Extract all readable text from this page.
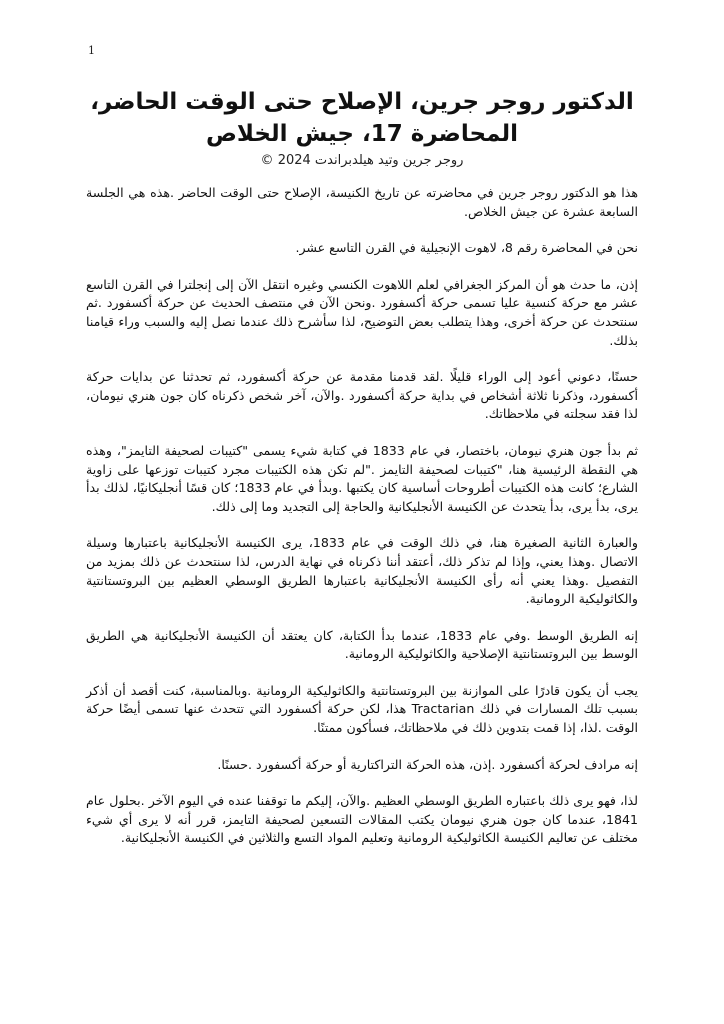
1
الدكتور روجر جرين، الإصلاح حتى الوقت الحاضر، المحاضرة 17، جيش الخلاص
روجر جرين وتيد هيلدبراندت 2024 ©

هذا هو الدكتور روجر جرين في محاضرته عن تاريخ الكنيسة، الإصلاح حتى الوقت الحاضر .هذه هي الجلسة السابعة عشرة عن جيش الخلاص.

نحن في المحاضرة رقم 8، لاهوت الإنجيلية في القرن التاسع عشر.

إذن، ما حدث هو أن المركز الجغرافي لعلم اللاهوت الكنسي وغيره انتقل الآن إلى إنجلترا في القرن التاسع عشر مع حركة كنسية عليا تسمى حركة أكسفورد .ونحن الآن في منتصف الحديث عن حركة أكسفورد .ثم سنتحدث عن حركة أخرى، وهذا يتطلب بعض التوضيح، لذا سأشرح ذلك عندما نصل إليه والسبب وراء قيامنا بذلك.

حسنًا، دعوني أعود إلى الوراء قليلًا .لقد قدمنا مقدمة عن حركة أكسفورد، ثم تحدثنا عن بدايات حركة أكسفورد، وذكرنا ثلاثة أشخاص في بداية حركة أكسفورد .والآن، آخر شخص ذكرناه كان جون هنري نيومان، لذا فقد سجلته في ملاحظاتك.

ثم بدأ جون هنري نيومان، باختصار، في عام 1833 في كتابة شيء يسمى "كتيبات لصحيفة التايمز"، وهذه هي النقطة الرئيسية هنا، "كتيبات لصحيفة التايمز ."لم تكن هذه الكتيبات مجرد كتيبات توزعها على زاوية الشارع؛ كانت هذه الكتيبات أطروحات أساسية كان يكتبها .وبدأ في عام 1833؛ كان قسًا أنجليكانيًا، لذلك بدأ يرى، بدأ يرى، بدأ يتحدث عن الكنيسة الأنجليكانية والحاجة إلى التجديد وما إلى ذلك.

والعبارة الثانية الصغيرة هنا، في ذلك الوقت في عام 1833، يرى الكنيسة الأنجليكانية باعتبارها وسيلة الاتصال .وهذا يعني، وإذا لم تذكر ذلك، أعتقد أننا ذكرناه في نهاية الدرس، لذا سنتحدث عن ذلك بمزيد من التفصيل .وهذا يعني أنه رأى الكنيسة الأنجليكانية باعتبارها الطريق الوسطي العظيم بين البروتستانتية والكاثوليكية الرومانية.

إنه الطريق الوسط .وفي عام 1833، عندما بدأ الكتابة، كان يعتقد أن الكنيسة الأنجليكانية هي الطريق الوسط بين البروتستانتية الإصلاحية والكاثوليكية الرومانية.

يجب أن يكون قادرًا على الموازنة بين البروتستانتية والكاثوليكية الرومانية .وبالمناسبة، كنت أقصد أن أذكر بسبب تلك المسارات في ذلك Tractarian هذا، لكن حركة أكسفورد التي تتحدث عنها تسمى أيضًا حركة الوقت .لذا، إذا قمت بتدوين ذلك في ملاحظاتك، فسأكون ممتنًا.

إنه مرادف لحركة أكسفورد .إذن، هذه الحركة التراكتارية أو حركة أكسفورد .حسنًا.

لذا، فهو يرى ذلك باعتباره الطريق الوسطي العظيم .والآن، إليكم ما توقفنا عنده في اليوم الآخر .بحلول عام 1841، عندما كان جون هنري نيومان يكتب المقالات التسعين لصحيفة التايمز، قرر أنه لا يرى أي شيء مختلف عن تعاليم الكنيسة الكاثوليكية الرومانية وتعليم المواد التسع والثلاثين في الكنيسة الأنجليكانية.
